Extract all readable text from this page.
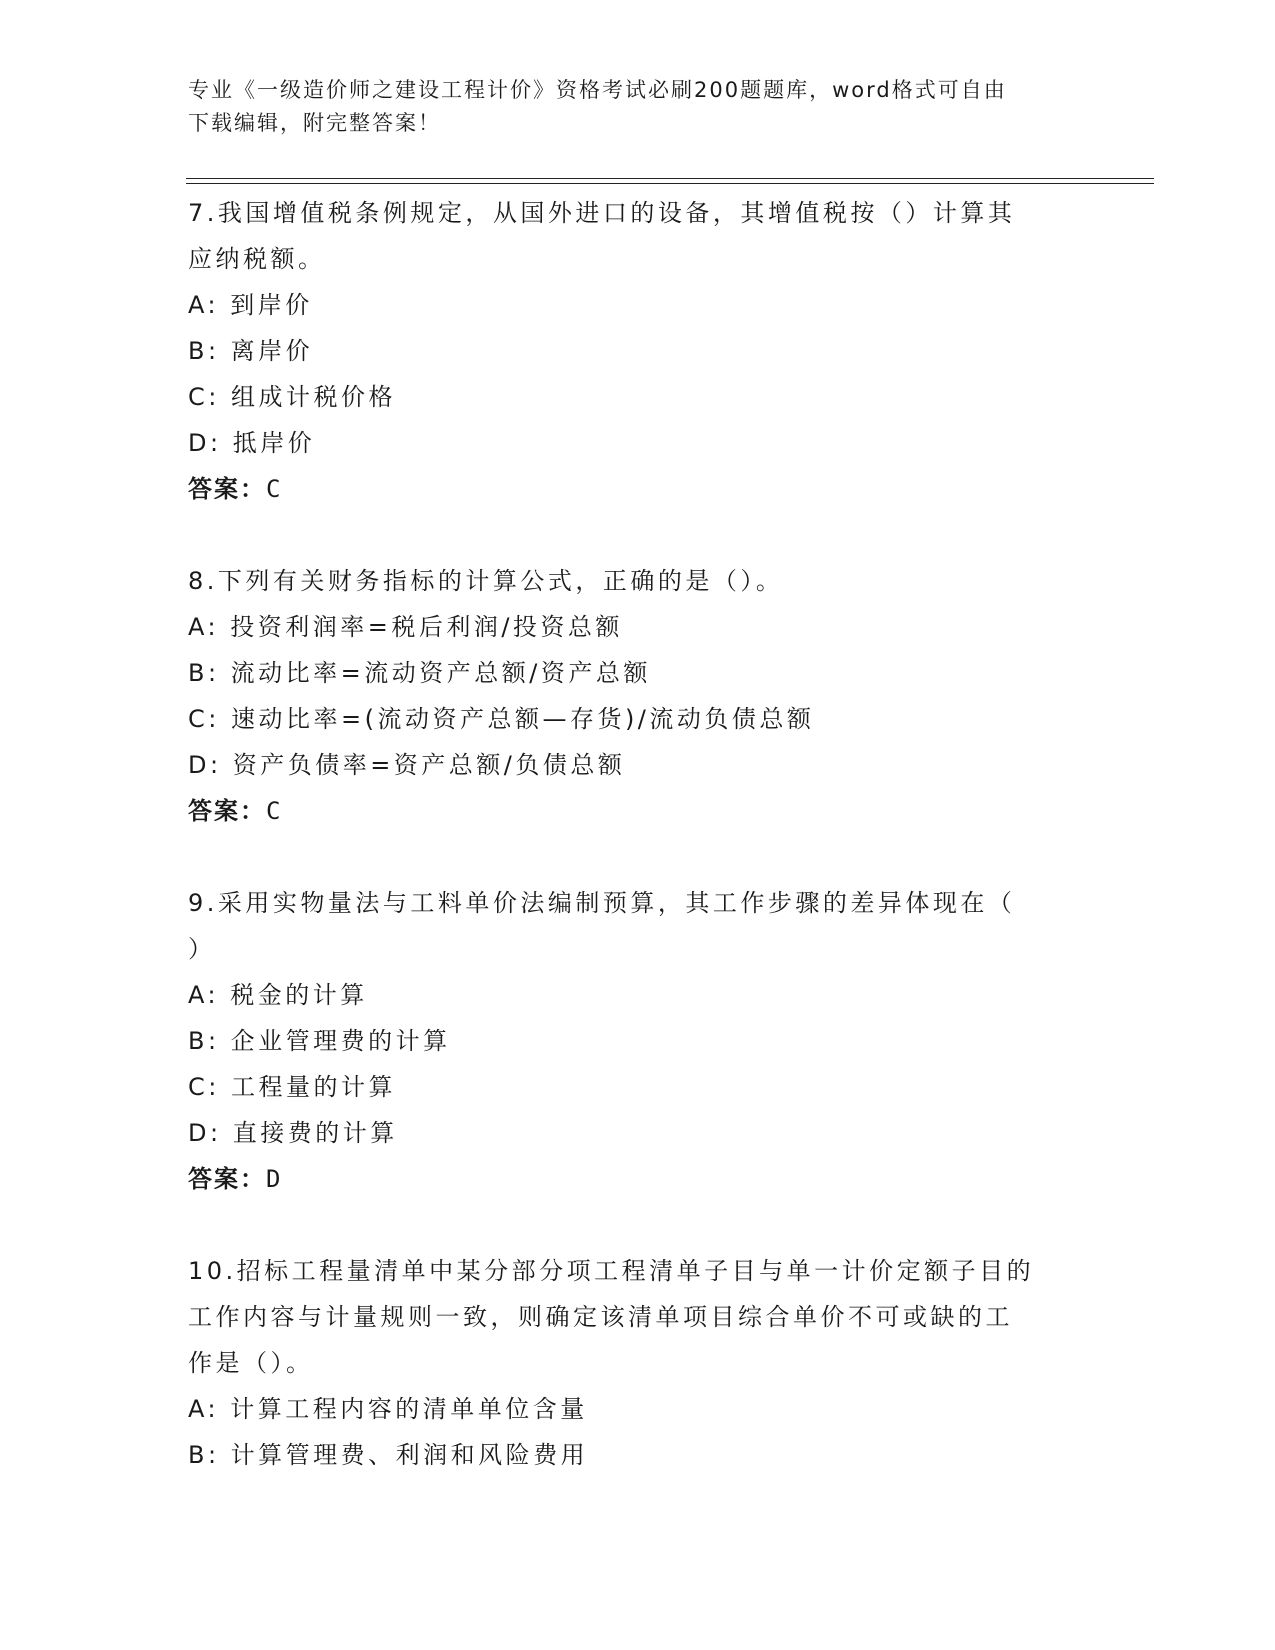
专业《一级造价师之建设工程计价》资格考试必刷200题题库，word格式可自由
下载编辑，附完整答案！
7.我国增值税条例规定，从国外进口的设备，其增值税按（）计算其
应纳税额。
A: 到岸价
B: 离岸价
C: 组成计税价格
D: 抵岸价
答案：C
8.下列有关财务指标的计算公式，正确的是（）。
A: 投资利润率=税后利润/投资总额
B: 流动比率=流动资产总额/资产总额
C: 速动比率=(流动资产总额—存货)/流动负债总额
D: 资产负债率=资产总额/负债总额
答案：C
9.采用实物量法与工料单价法编制预算，其工作步骤的差异体现在（
）
A: 税金的计算
B: 企业管理费的计算
C: 工程量的计算
D: 直接费的计算
答案：D
10.招标工程量清单中某分部分项工程清单子目与单一计价定额子目的
工作内容与计量规则一致，则确定该清单项目综合单价不可或缺的工
作是（）。
A: 计算工程内容的清单单位含量
B: 计算管理费、利润和风险费用
